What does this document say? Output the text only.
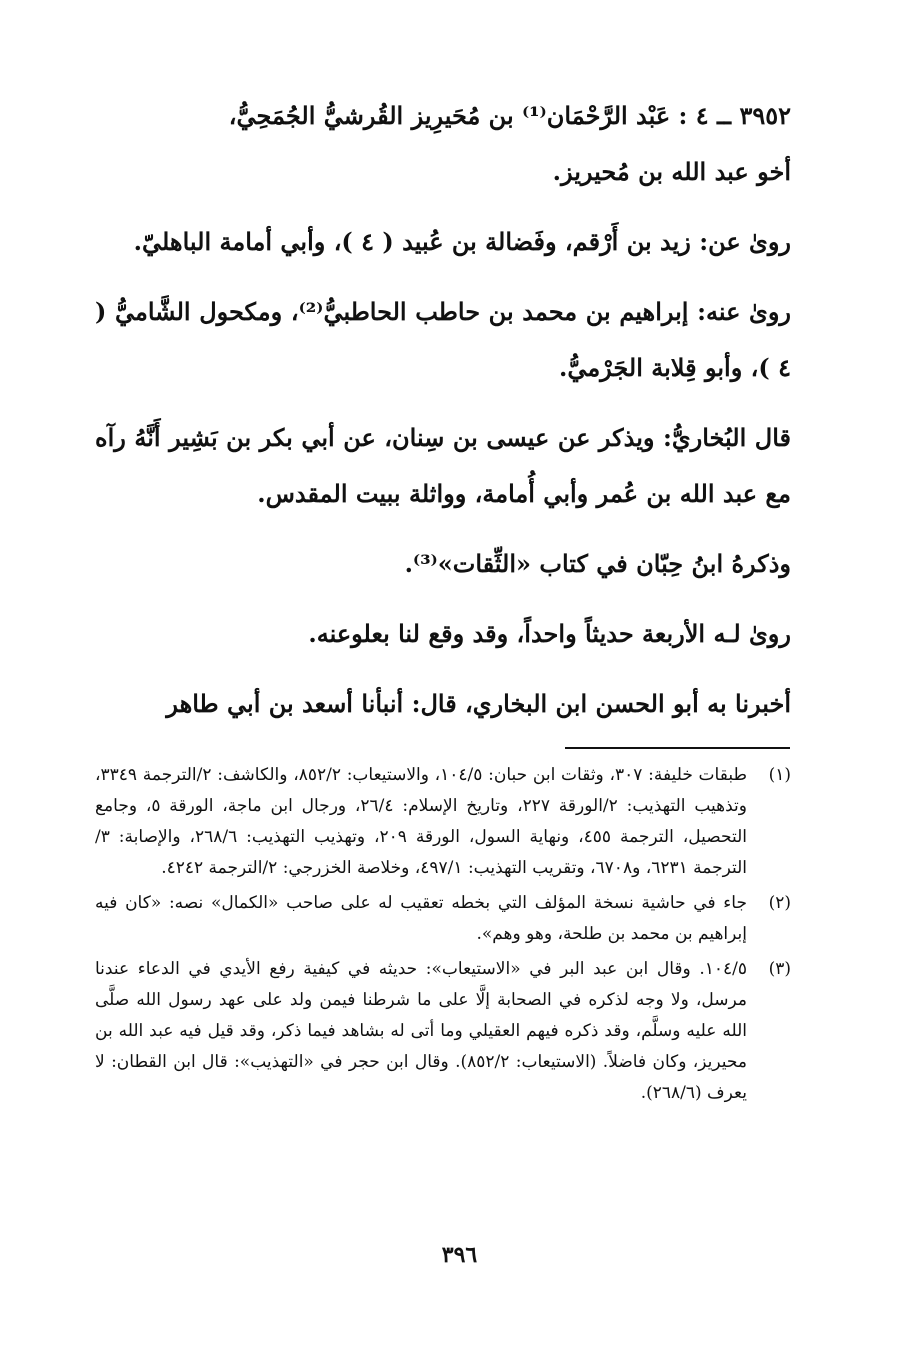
٣٩٥٢ ــ ٤ : عَبْد الرَّحْمَان⁽¹⁾ بن مُحَيرِيز القُرشيُّ الجُمَحِيُّ،
أخو عبد الله بن مُحيريز.

روىٰ عن: زيد بن أَرْقم، وفَضالة بن عُبيد ( ٤ )، وأبي أمامة الباهليّ.

روىٰ عنه: إبراهيم بن محمد بن حاطب الحاطبيُّ⁽²⁾، ومكحول الشَّاميُّ ( ٤ )، وأبو قِلابة الجَرْميُّ.

قال البُخاريُّ: ويذكر عن عيسى بن سِنان، عن أبي بكر بن بَشِير أَنَّهُ رآه مع عبد الله بن عُمر وأبي أُمامة، وواثلة ببيت المقدس.

وذكرهُ ابنُ حِبّان في كتاب «الثِّقات»⁽³⁾.

روىٰ لـه الأربعة حديثاً واحداً، وقد وقع لنا بعلوعنه.

أخبرنا به أبو الحسن ابن البخاري، قال: أنبأنا أسعد بن أبي طاهر

(١)
طبقات خليفة: ٣٠٧، وثقات ابن حبان: ١٠٤/٥، والاستيعاب: ٨٥٢/٢، والكاشف: ٢/الترجمة ٣٣٤٩، وتذهيب التهذيب: ٢/الورقة ٢٢٧، وتاريخ الإسلام: ٢٦/٤، ورجال ابن ماجة، الورقة ٥، وجامع التحصيل، الترجمة ٤٥٥، ونهاية السول، الورقة ٢٠٩، وتهذيب التهذيب: ٢٦٨/٦، والإصابة: ٣/الترجمة ٦٢٣١، و٦٧٠٨، وتقريب التهذيب: ٤٩٧/١، وخلاصة الخزرجي: ٢/الترجمة ٤٢٤٢.
(٢)
جاء في حاشية نسخة المؤلف التي بخطه تعقيب له على صاحب «الكمال» نصه: «كان فيه إبراهيم بن محمد بن طلحة، وهو وهم».
(٣)
١٠٤/٥. وقال ابن عبد البر في «الاستيعاب»: حديثه في كيفية رفع الأيدي في الدعاء عندنا مرسل، ولا وجه لذكره في الصحابة إلَّا على ما شرطنا فيمن ولد على عهد رسول الله صلَّى الله عليه وسلَّم، وقد ذكره فيهم العقيلي وما أتى له بشاهد فيما ذكر، وقد قيل فيه عبد الله بن محيريز، وكان فاضلاً. (الاستيعاب: ٨٥٢/٢). وقال ابن حجر في «التهذيب»: قال ابن القطان: لا يعرف (٢٦٨/٦).
٣٩٦
